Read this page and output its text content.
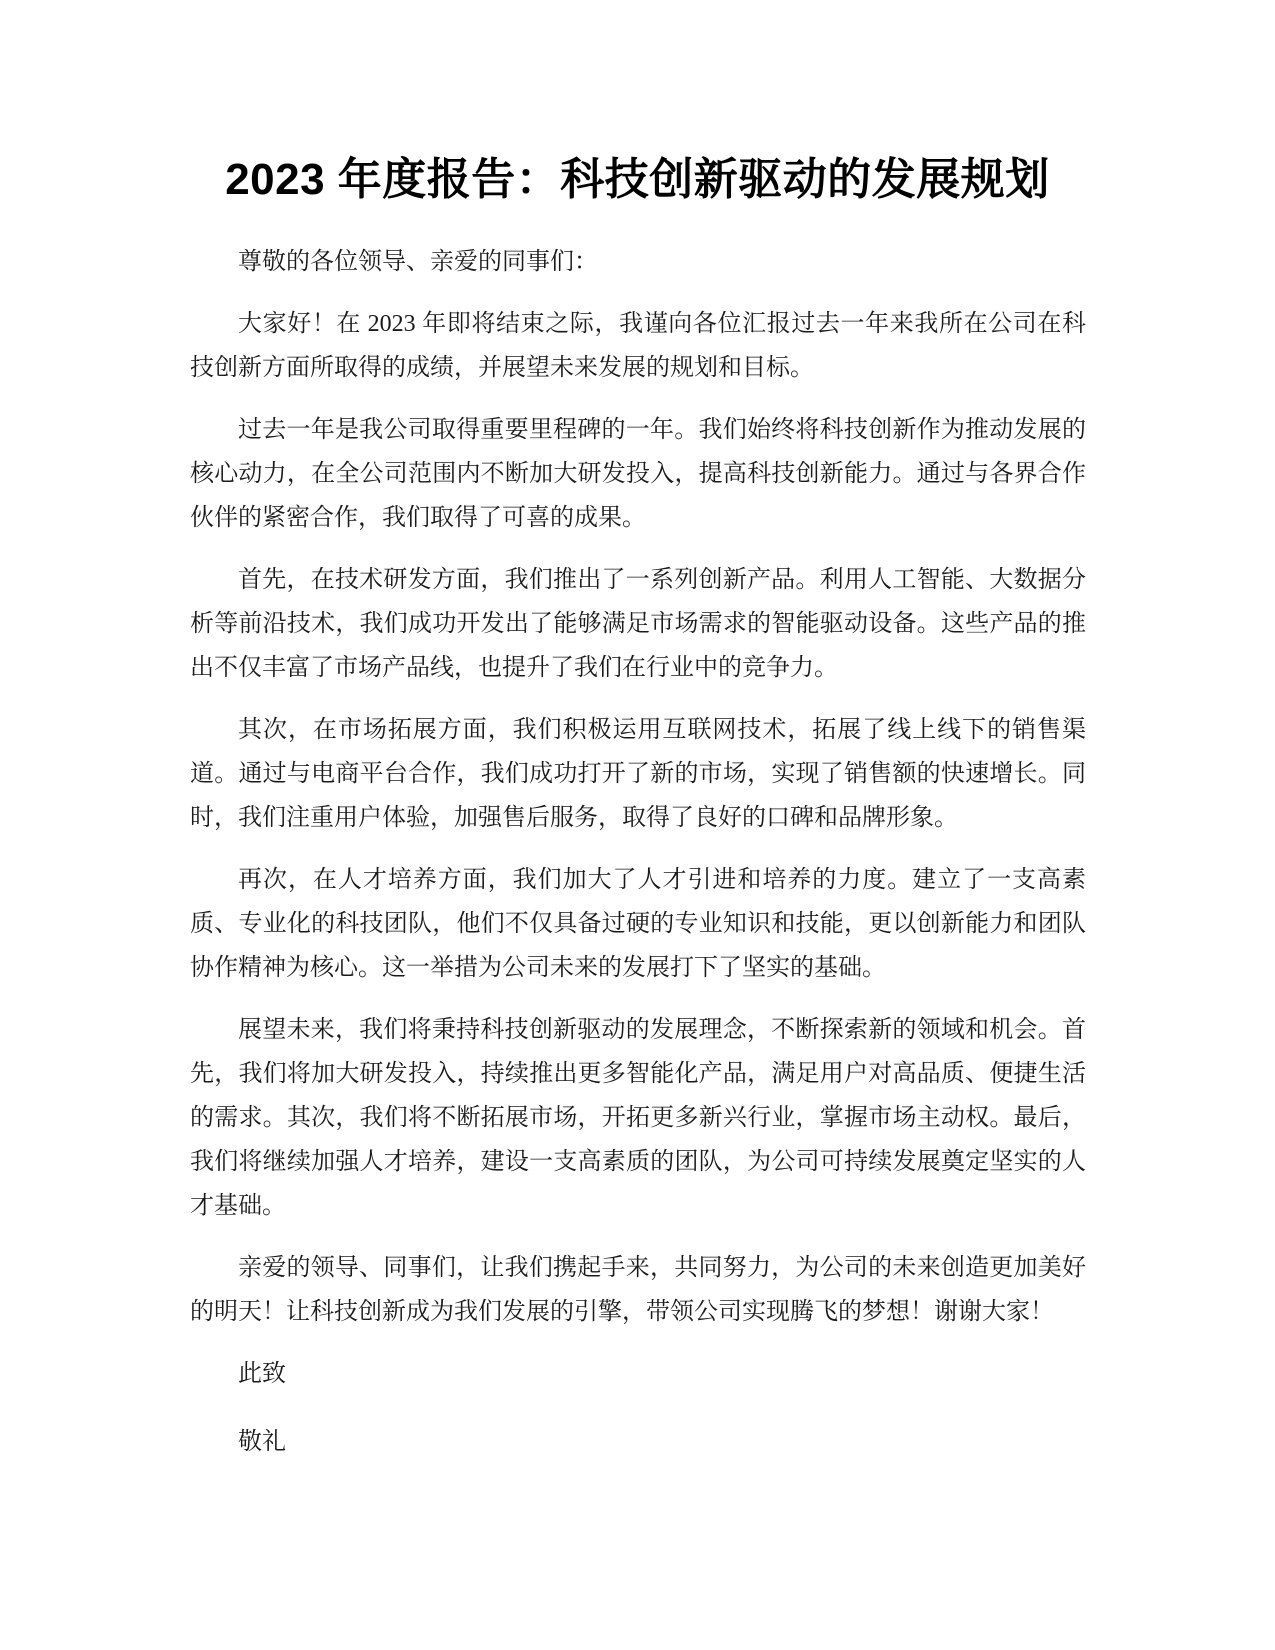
2023 年度报告：科技创新驱动的发展规划

尊敬的各位领导、亲爱的同事们：

大家好！在 2023 年即将结束之际，我谨向各位汇报过去一年来我所在公司在科技创新方面所取得的成绩，并展望未来发展的规划和目标。

过去一年是我公司取得重要里程碑的一年。我们始终将科技创新作为推动发展的核心动力，在全公司范围内不断加大研发投入，提高科技创新能力。通过与各界合作伙伴的紧密合作，我们取得了可喜的成果。

首先，在技术研发方面，我们推出了一系列创新产品。利用人工智能、大数据分析等前沿技术，我们成功开发出了能够满足市场需求的智能驱动设备。这些产品的推出不仅丰富了市场产品线，也提升了我们在行业中的竞争力。

其次，在市场拓展方面，我们积极运用互联网技术，拓展了线上线下的销售渠道。通过与电商平台合作，我们成功打开了新的市场，实现了销售额的快速增长。同时，我们注重用户体验，加强售后服务，取得了良好的口碑和品牌形象。

再次，在人才培养方面，我们加大了人才引进和培养的力度。建立了一支高素质、专业化的科技团队，他们不仅具备过硬的专业知识和技能，更以创新能力和团队协作精神为核心。这一举措为公司未来的发展打下了坚实的基础。

展望未来，我们将秉持科技创新驱动的发展理念，不断探索新的领域和机会。首先，我们将加大研发投入，持续推出更多智能化产品，满足用户对高品质、便捷生活的需求。其次，我们将不断拓展市场，开拓更多新兴行业，掌握市场主动权。最后，我们将继续加强人才培养，建设一支高素质的团队，为公司可持续发展奠定坚实的人才基础。

亲爱的领导、同事们，让我们携起手来，共同努力，为公司的未来创造更加美好的明天！让科技创新成为我们发展的引擎，带领公司实现腾飞的梦想！谢谢大家！

此致

敬礼
